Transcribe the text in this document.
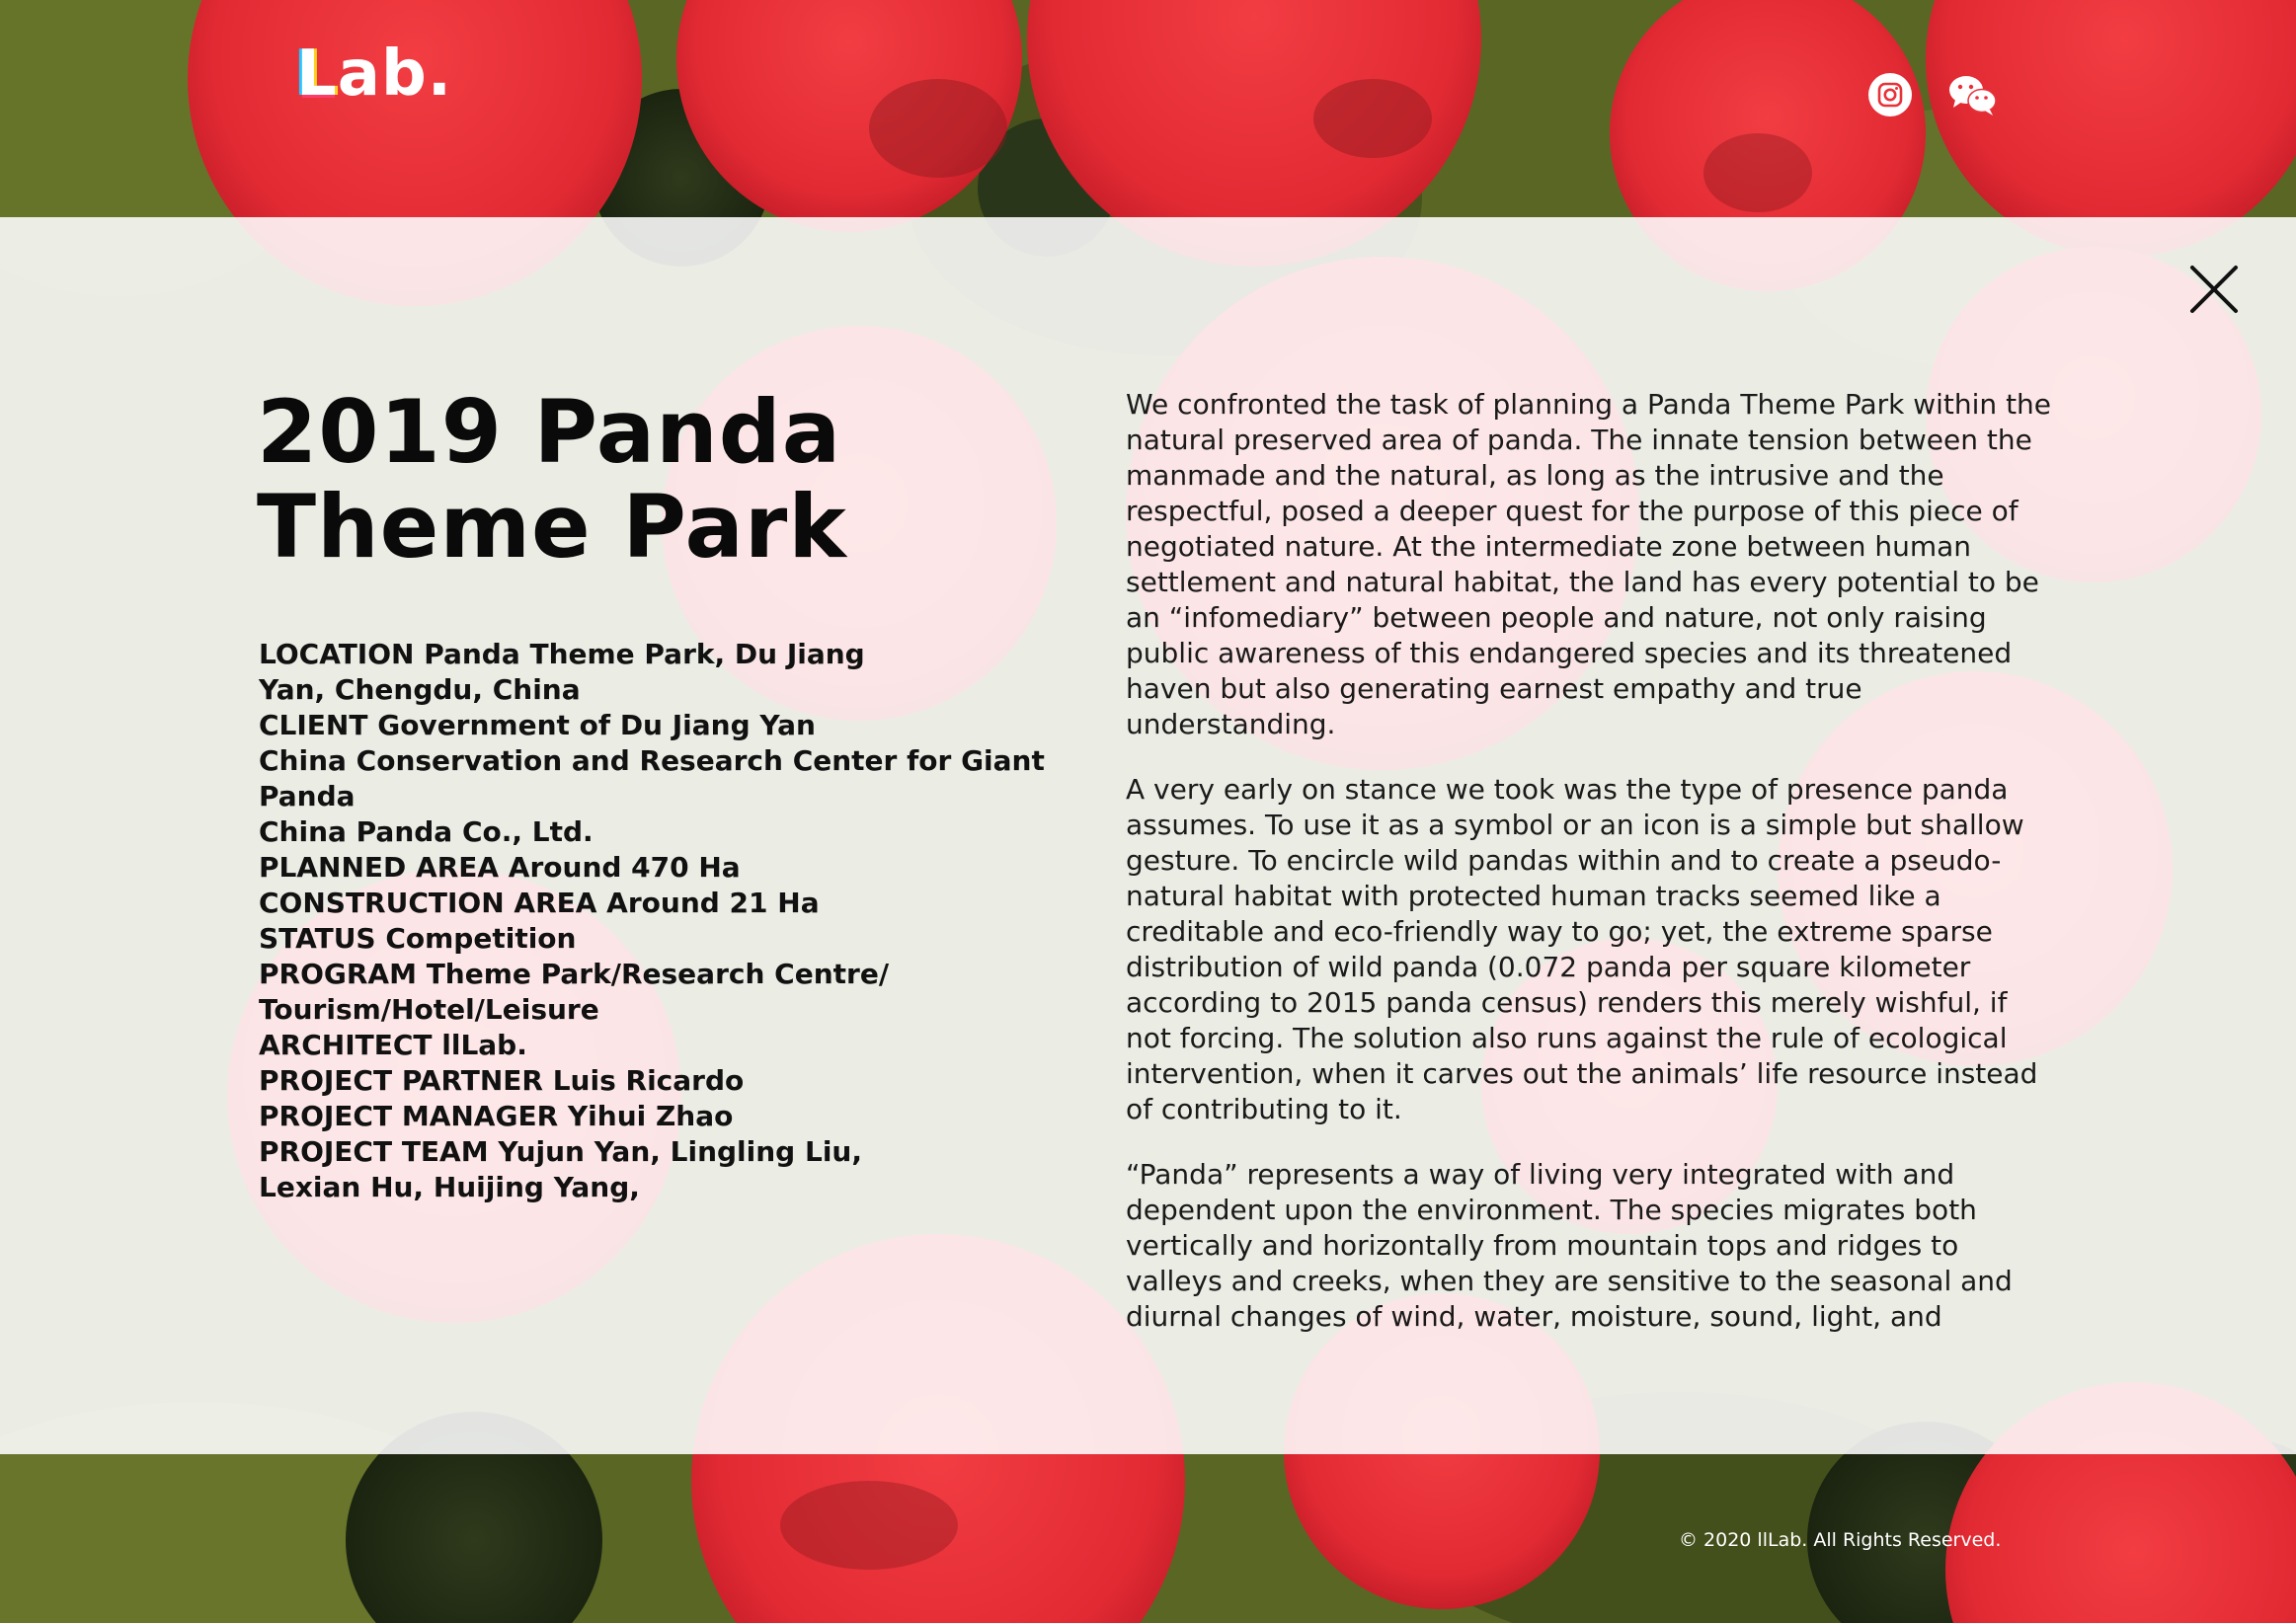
Lab.
2019 Panda
Theme Park
LOCATION Panda Theme Park, Du Jiang
Yan, Chengdu, China
CLIENT Government of Du Jiang Yan
China Conservation and Research Center for Giant Panda
China Panda Co., Ltd.
PLANNED AREA Around 470 Ha
CONSTRUCTION AREA Around 21 Ha
STATUS Competition
PROGRAM Theme Park/Research Centre/
Tourism/Hotel/Leisure
ARCHITECT llLab.
PROJECT PARTNER Luis Ricardo
PROJECT MANAGER Yihui Zhao
PROJECT TEAM Yujun Yan, Lingling Liu,
Lexian Hu, Huijing Yang,

We confronted the task of planning a Panda Theme Park within the natural preserved area of panda. The innate tension between the manmade and the natural, as long as the intrusive and the respectful, posed a deeper quest for the purpose of this piece of negotiated nature. At the intermediate zone between human settlement and natural habitat, the land has every potential to be an “infomediary” between people and nature, not only raising public awareness of this endangered species and its threatened haven but also generating earnest empathy and true understanding.

A very early on stance we took was the type of presence panda assumes. To use it as a symbol or an icon is a simple but shallow gesture. To encircle wild pandas within and to create a pseudo-natural habitat with protected human tracks seemed like a creditable and eco-friendly way to go; yet, the extreme sparse distribution of wild panda (0.072 panda per square kilometer according to 2015 panda census) renders this merely wishful, if not forcing. The solution also runs against the rule of ecological intervention, when it carves out the animals’ life resource instead of contributing to it.

“Panda” represents a way of living very integrated with and dependent upon the environment. The species migrates both vertically and horizontally from mountain tops and ridges to valleys and creeks, when they are sensitive to the seasonal and diurnal changes of wind, water, moisture, sound, light, and

© 2020 llLab. All Rights Reserved.
